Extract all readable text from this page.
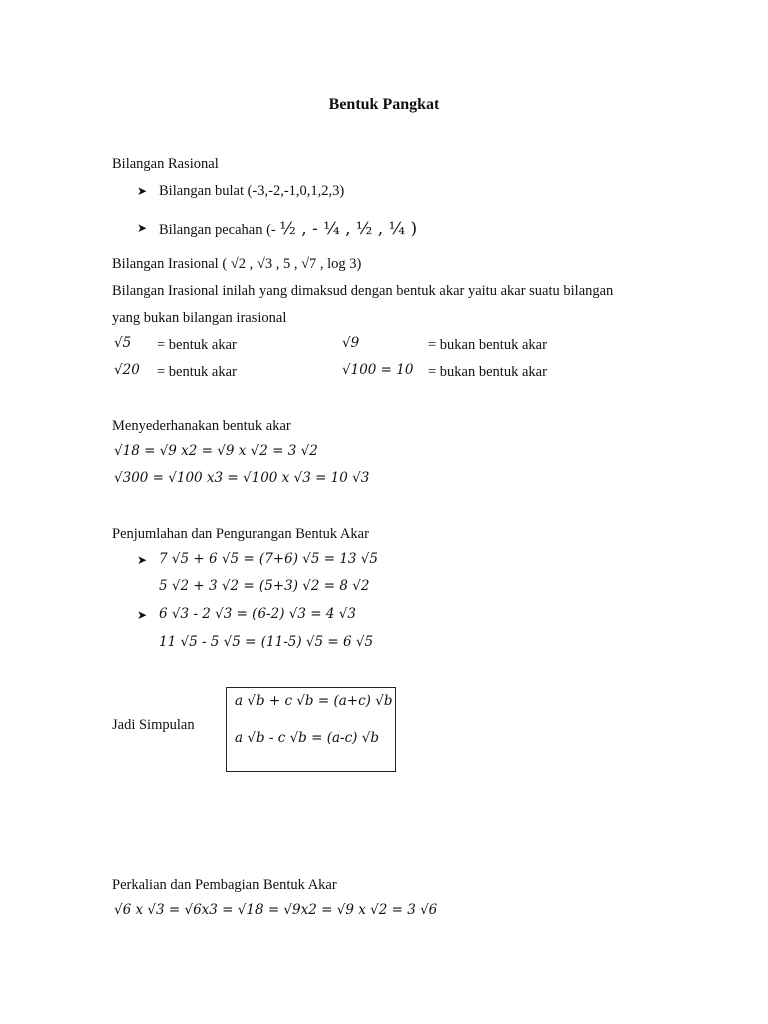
Bentuk Pangkat
Bilangan Rasional
➤ Bilangan bulat (-3,-2,-1,0,1,2,3)
➤ Bilangan pecahan (- ½ , - ¼ , ½ , ¼ )
Bilangan Irasional ( √2 , √3 , 5 , √7 , log 3)
Bilangan Irasional inilah yang dimaksud dengan bentuk akar yaitu akar suatu bilangan
yang bukan bilangan irasional
√5 = bentuk akar	√9	= bukan bentuk akar
√20 = bentuk akar	√100 = 10 = bukan bentuk akar
Menyederhanakan bentuk akar
√18 = √9 x2 = √9 x √2 = 3 √2
√300 = √100 x3 = √100 x √3 = 10 √3
Penjumlahan dan Pengurangan Bentuk Akar
➤ 7 √5 + 6 √5 = (7+6) √5 = 13 √5
5 √2 + 3 √2 = (5+3) √2 = 8 √2
➤ 6 √3 - 2 √3 = (6-2) √3 = 4 √3
11 √5 - 5 √5 = (11-5) √5 = 6 √5
Jadi Simpulan
a √b + c √b = (a+c) √b
a √b - c √b = (a-c) √b
Perkalian dan Pembagian Bentuk Akar
√6 x √3 = √6x3 = √18 = √9x2 = √9 x √2 = 3 √6
